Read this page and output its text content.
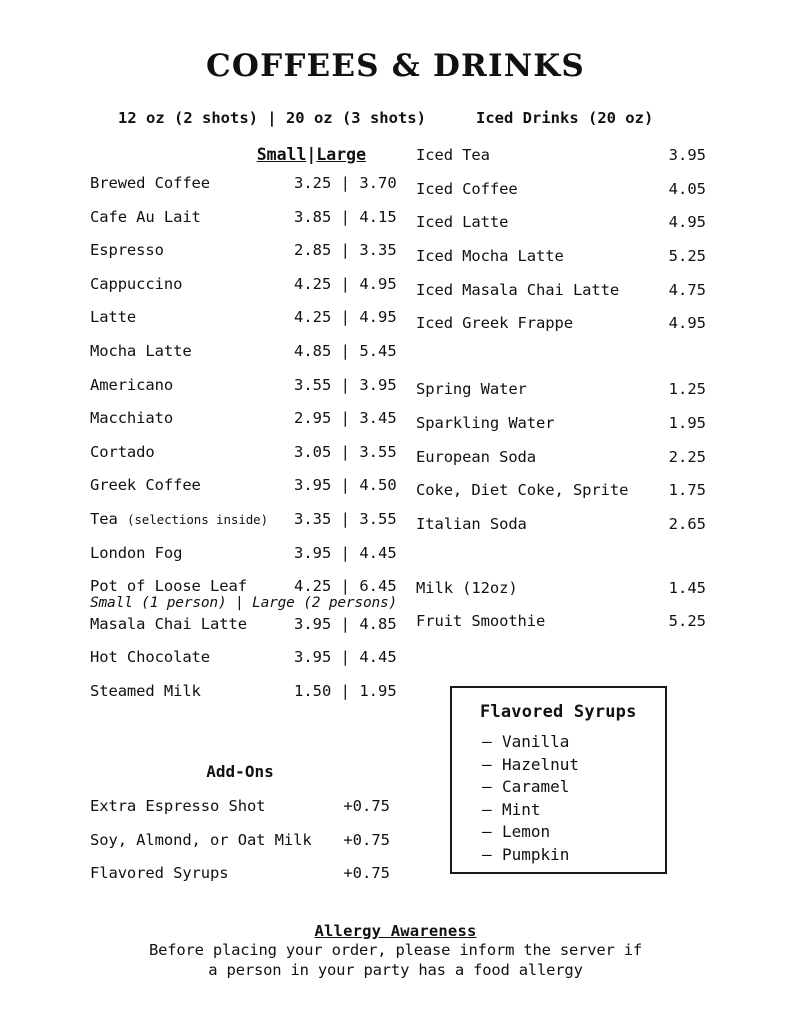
COFFEES & DRINKS
12 oz (2 shots) | 20 oz (3 shots)
Small|Large
Brewed Coffee	3.25 | 3.70
Cafe Au Lait	3.85 | 4.15
Espresso	2.85 | 3.35
Cappuccino	4.25 | 4.95
Latte	4.25 | 4.95
Mocha Latte	4.85 | 5.45
Americano	3.55 | 3.95
Macchiato	2.95 | 3.45
Cortado	3.05 | 3.55
Greek Coffee	3.95 | 4.50
Tea (selections inside)	3.35 | 3.55
London Fog	3.95 | 4.45
Pot of Loose Leaf	4.25 | 6.45
Small (1 person) | Large (2 persons)
Masala Chai Latte	3.95 | 4.85
Hot Chocolate	3.95 | 4.45
Steamed Milk	1.50 | 1.95
Add-Ons
Extra Espresso Shot	+0.75
Soy, Almond, or Oat Milk	+0.75
Flavored Syrups	+0.75
Iced Drinks (20 oz)
Iced Tea	3.95
Iced Coffee	4.05
Iced Latte	4.95
Iced Mocha Latte	5.25
Iced Masala Chai Latte	4.75
Iced Greek Frappe	4.95
Spring Water	1.25
Sparkling Water	1.95
European Soda	2.25
Coke, Diet Coke, Sprite	1.75
Italian Soda	2.65
Milk (12oz)	1.45
Fruit Smoothie	5.25
Flavored Syrups
– Vanilla
– Hazelnut
– Caramel
– Mint
– Lemon
– Pumpkin
Allergy Awareness
Before placing your order, please inform the server if
a person in your party has a food allergy
